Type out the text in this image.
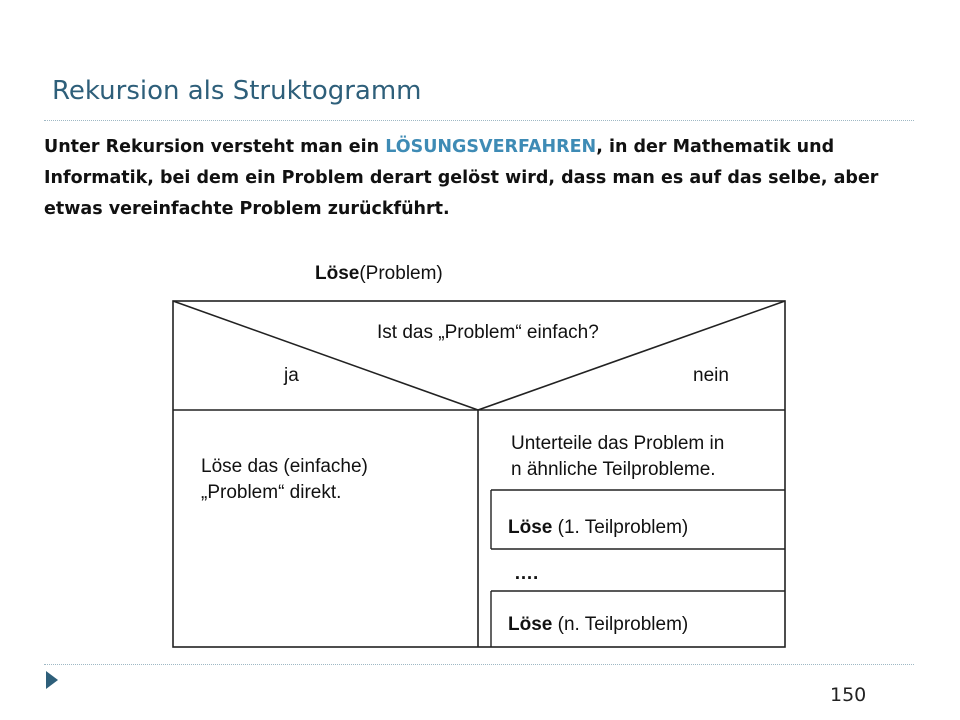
Rekursion als Struktogramm
Unter Rekursion versteht man ein LÖSUNGSVERFAHREN, in der Mathematik und Informatik, bei dem ein Problem derart gelöst wird, dass man es auf das selbe, aber etwas vereinfachte Problem zurückführt.
Löse(Problem)
Ist das „Problem“ einfach?
ja	nein
Löse das (einfache)
„Problem“ direkt.
Unterteile das Problem in
n ähnliche Teilprobleme.
Löse (1. Teilproblem)
….
Löse (n. Teilproblem)
150
